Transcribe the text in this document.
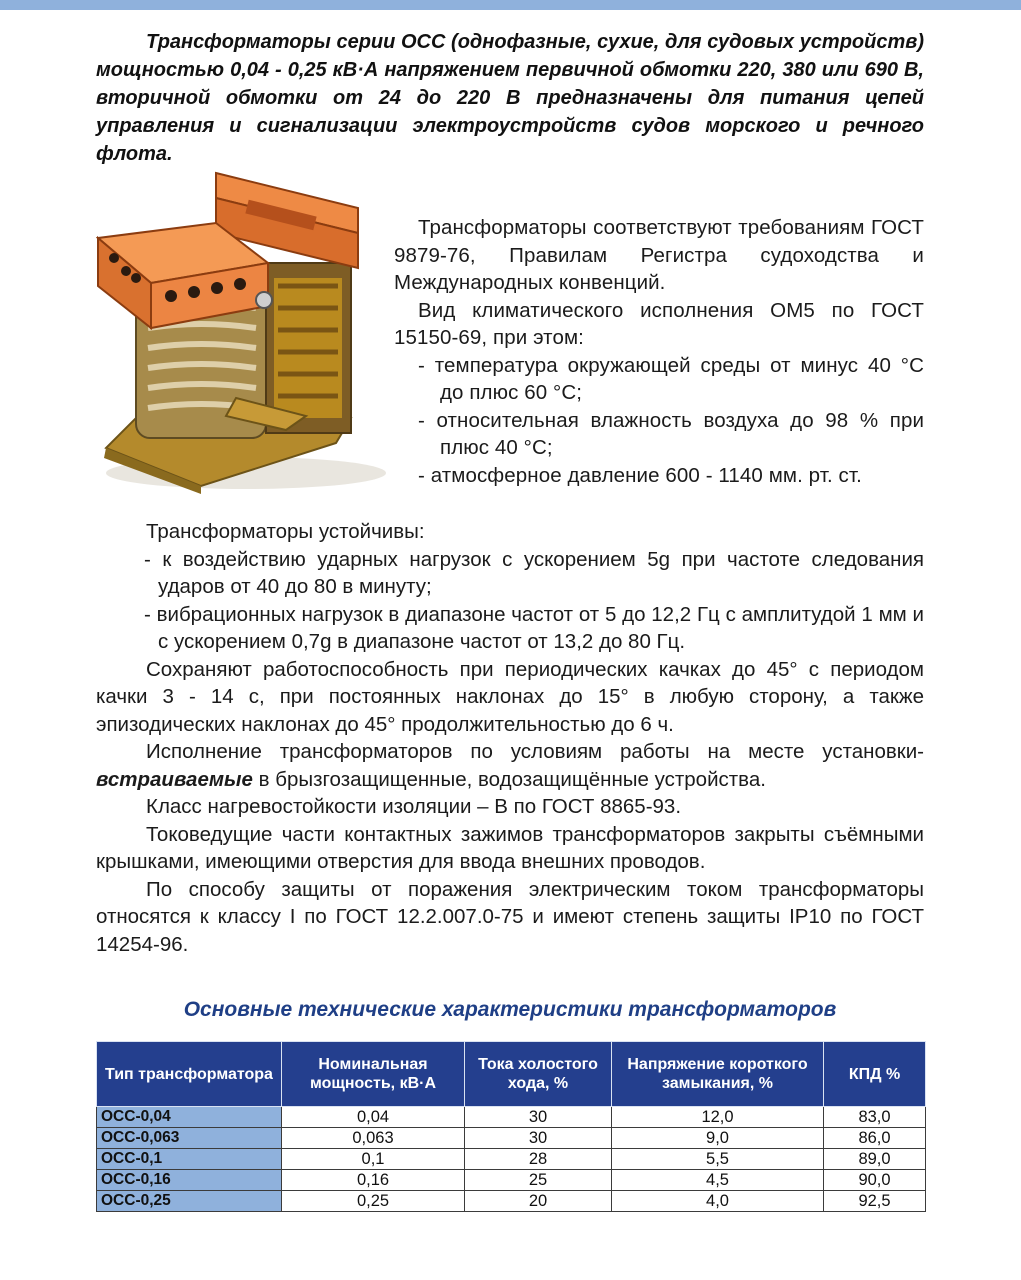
Трансформаторы серии ОСС (однофазные, сухие, для судовых устройств) мощностью 0,04 - 0,25 кВ·А напряжением первичной обмотки 220, 380 или 690 В, вторичной обмотки от 24 до 220 В предназначены для питания цепей управления и сигнализации электроустройств судов морского и речного флота.

Трансформаторы соответствуют требованиям ГОСТ 9879-76, Правилам Регистра судоходства и Международных конвенций.

Вид климатического исполнения ОМ5 по ГОСТ 15150-69, при этом:

- температура окружающей среды от минус 40 °С до плюс 60 °С;

- относительная влажность воздуха до 98 % при плюс 40 °С;

- атмосферное давление 600 - 1140 мм. рт. ст.

Трансформаторы устойчивы:

- к воздействию ударных нагрузок с ускорением 5g при частоте следования ударов от 40 до 80 в минуту;

- вибрационных нагрузок в диапазоне частот от 5 до 12,2 Гц с амплитудой 1 мм и с ускорением 0,7g в диапазоне частот от 13,2 до 80 Гц.

Сохраняют работоспособность при периодических качках до 45° с периодом качки 3 - 14 с, при постоянных наклонах до 15° в любую сторону, а также эпизодических наклонах до 45° продолжительностью до 6 ч.

Исполнение трансформаторов по условиям работы на месте установки-встраиваемые в брызгозащищенные, водозащищённые устройства.

Класс нагревостойкости изоляции – В по ГОСТ 8865-93.

Токоведущие части контактных зажимов трансформаторов закрыты съёмными крышками, имеющими отверстия для ввода внешних проводов.

По способу защиты от поражения электрическим током трансформаторы относятся к классу I по ГОСТ 12.2.007.0-75 и имеют степень защиты IP10 по ГОСТ 14254-96.

Основные технические характеристики трансформаторов

Тип трансформатора	Номинальная мощность, кВ·А	Тока холостого хода, %	Напряжение короткого замыкания, %	КПД %
ОСС-0,04	0,04	30	12,0	83,0
ОСС-0,063	0,063	30	9,0	86,0
ОСС-0,1	0,1	28	5,5	89,0
ОСС-0,16	0,16	25	4,5	90,0
ОСС-0,25	0,25	20	4,0	92,5
